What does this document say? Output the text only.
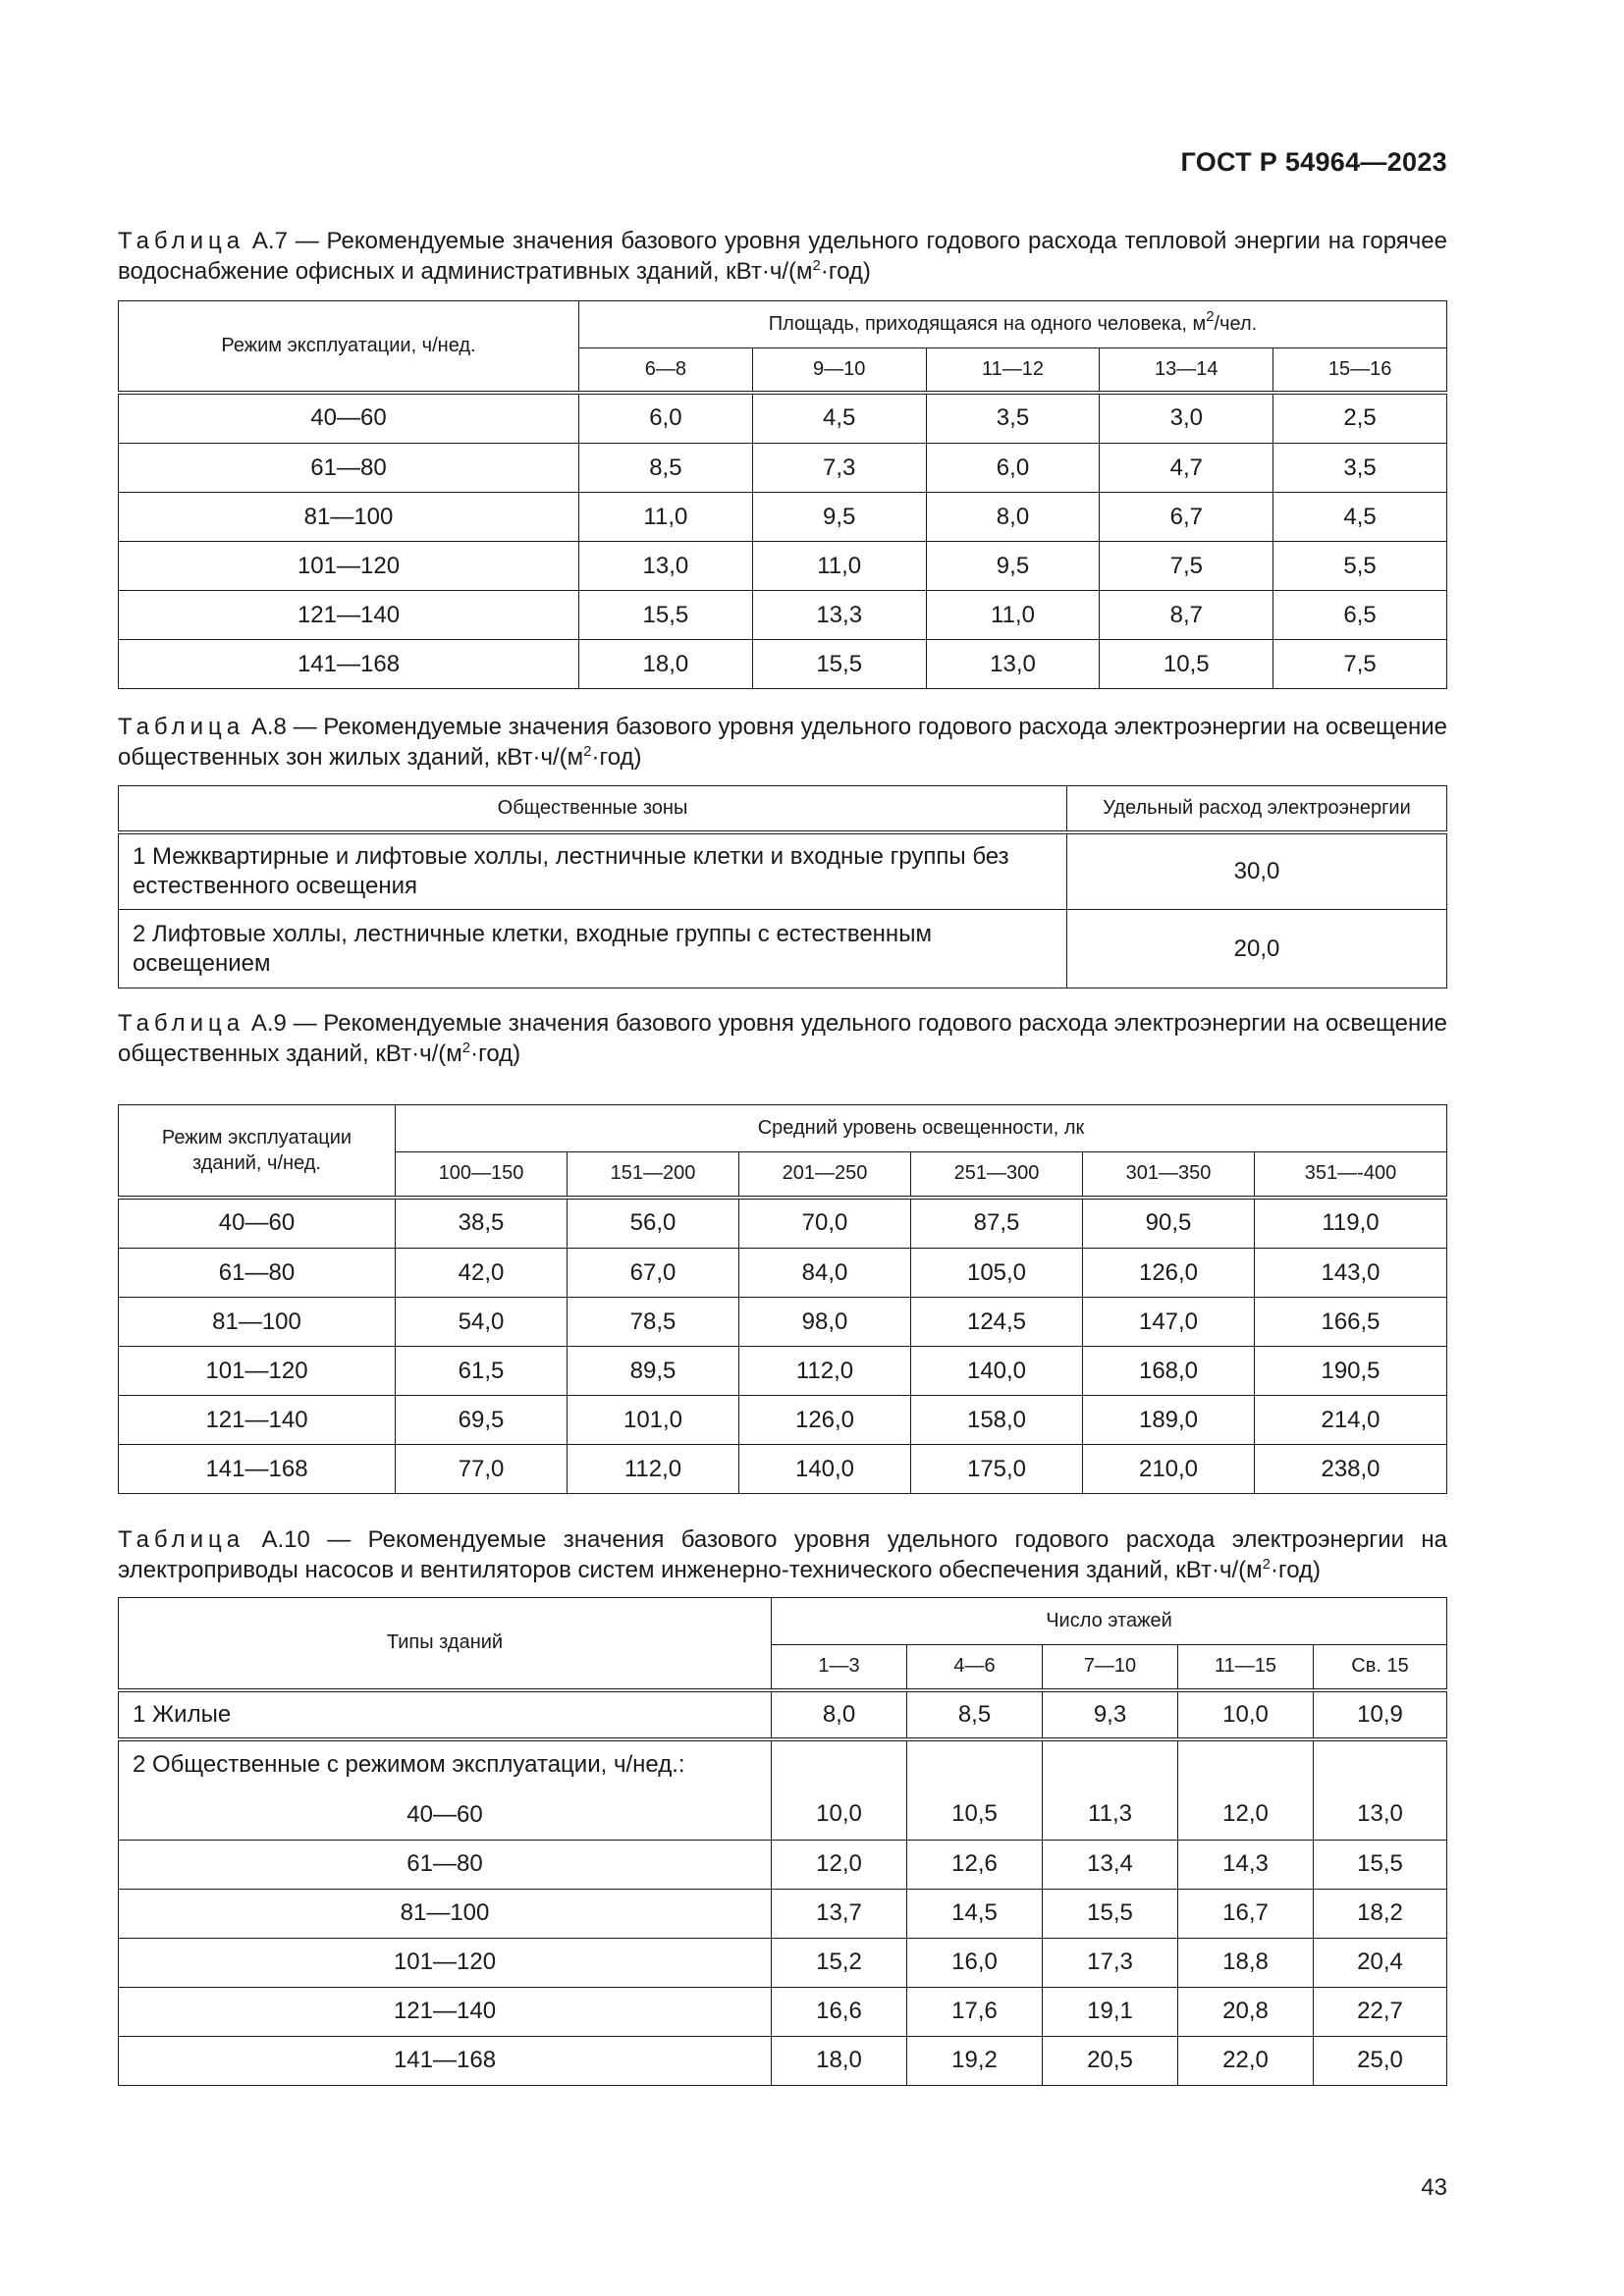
ГОСТ Р 54964—2023
Таблица А.7 — Рекомендуемые значения базового уровня удельного годового расхода тепловой энергии на горячее водоснабжение офисных и административных зданий, $кВт\cdot ч/(м^2\cdot год)$
Режим эксплуатации, ч/нед.	Площадь, приходящаяся на одного человека, $м^2$/чел.				
	6—8	9—10	11—12	13—14	15—16
40—60	6,0	4,5	3,5	3,0	2,5
61—80	8,5	7,3	6,0	4,7	3,5
81—100	11,0	9,5	8,0	6,7	4,5
101—120	13,0	11,0	9,5	7,5	5,5
121—140	15,5	13,3	11,0	8,7	6,5
141—168	18,0	15,5	13,0	10,5	7,5
Таблица А.8 — Рекомендуемые значения базового уровня удельного годового расхода электроэнергии на освещение общественных зон жилых зданий, $кВт\cdot ч/(м^2\cdot год)$
Общественные зоны	Удельный расход электроэнергии
1 Межквартирные и лифтовые холлы, лестничные клетки и входные группы без естественного освещения	30,0
2 Лифтовые холлы, лестничные клетки, входные группы с естественным освещением	20,0
Таблица А.9 — Рекомендуемые значения базового уровня удельного годового расхода электроэнергии на освещение общественных зданий, $кВт\cdot ч/(м^2\cdot год)$
Режим эксплуатации зданий, ч/нед.	Средний уровень освещенности, лк					
	100—150	151—200	201—250	251—300	301—350	351—-400
40—60	38,5	56,0	70,0	87,5	90,5	119,0
61—80	42,0	67,0	84,0	105,0	126,0	143,0
81—100	54,0	78,5	98,0	124,5	147,0	166,5
101—120	61,5	89,5	112,0	140,0	168,0	190,5
121—140	69,5	101,0	126,0	158,0	189,0	214,0
141—168	77,0	112,0	140,0	175,0	210,0	238,0
Таблица А.10 — Рекомендуемые значения базового уровня удельного годового расхода электроэнергии на электроприводы насосов и вентиляторов систем инженерно-технического обеспечения зданий, $кВт\cdot ч/(м^2\cdot год)$
Типы зданий	Число этажей				
	1—3	4—6	7—10	11—15	Св. 15
1 Жилые	8,0	8,5	9,3	10,0	10,9

2 Общественные с режимом эксплуатации, ч/нед.:
40—60	10,0	10,5	11,3	12,0	13,0
61—80	12,0	12,6	13,4	14,3	15,5
81—100	13,7	14,5	15,5	16,7	18,2
101—120	15,2	16,0	17,3	18,8	20,4
121—140	16,6	17,6	19,1	20,8	22,7
141—168	18,0	19,2	20,5	22,0	25,0
43
